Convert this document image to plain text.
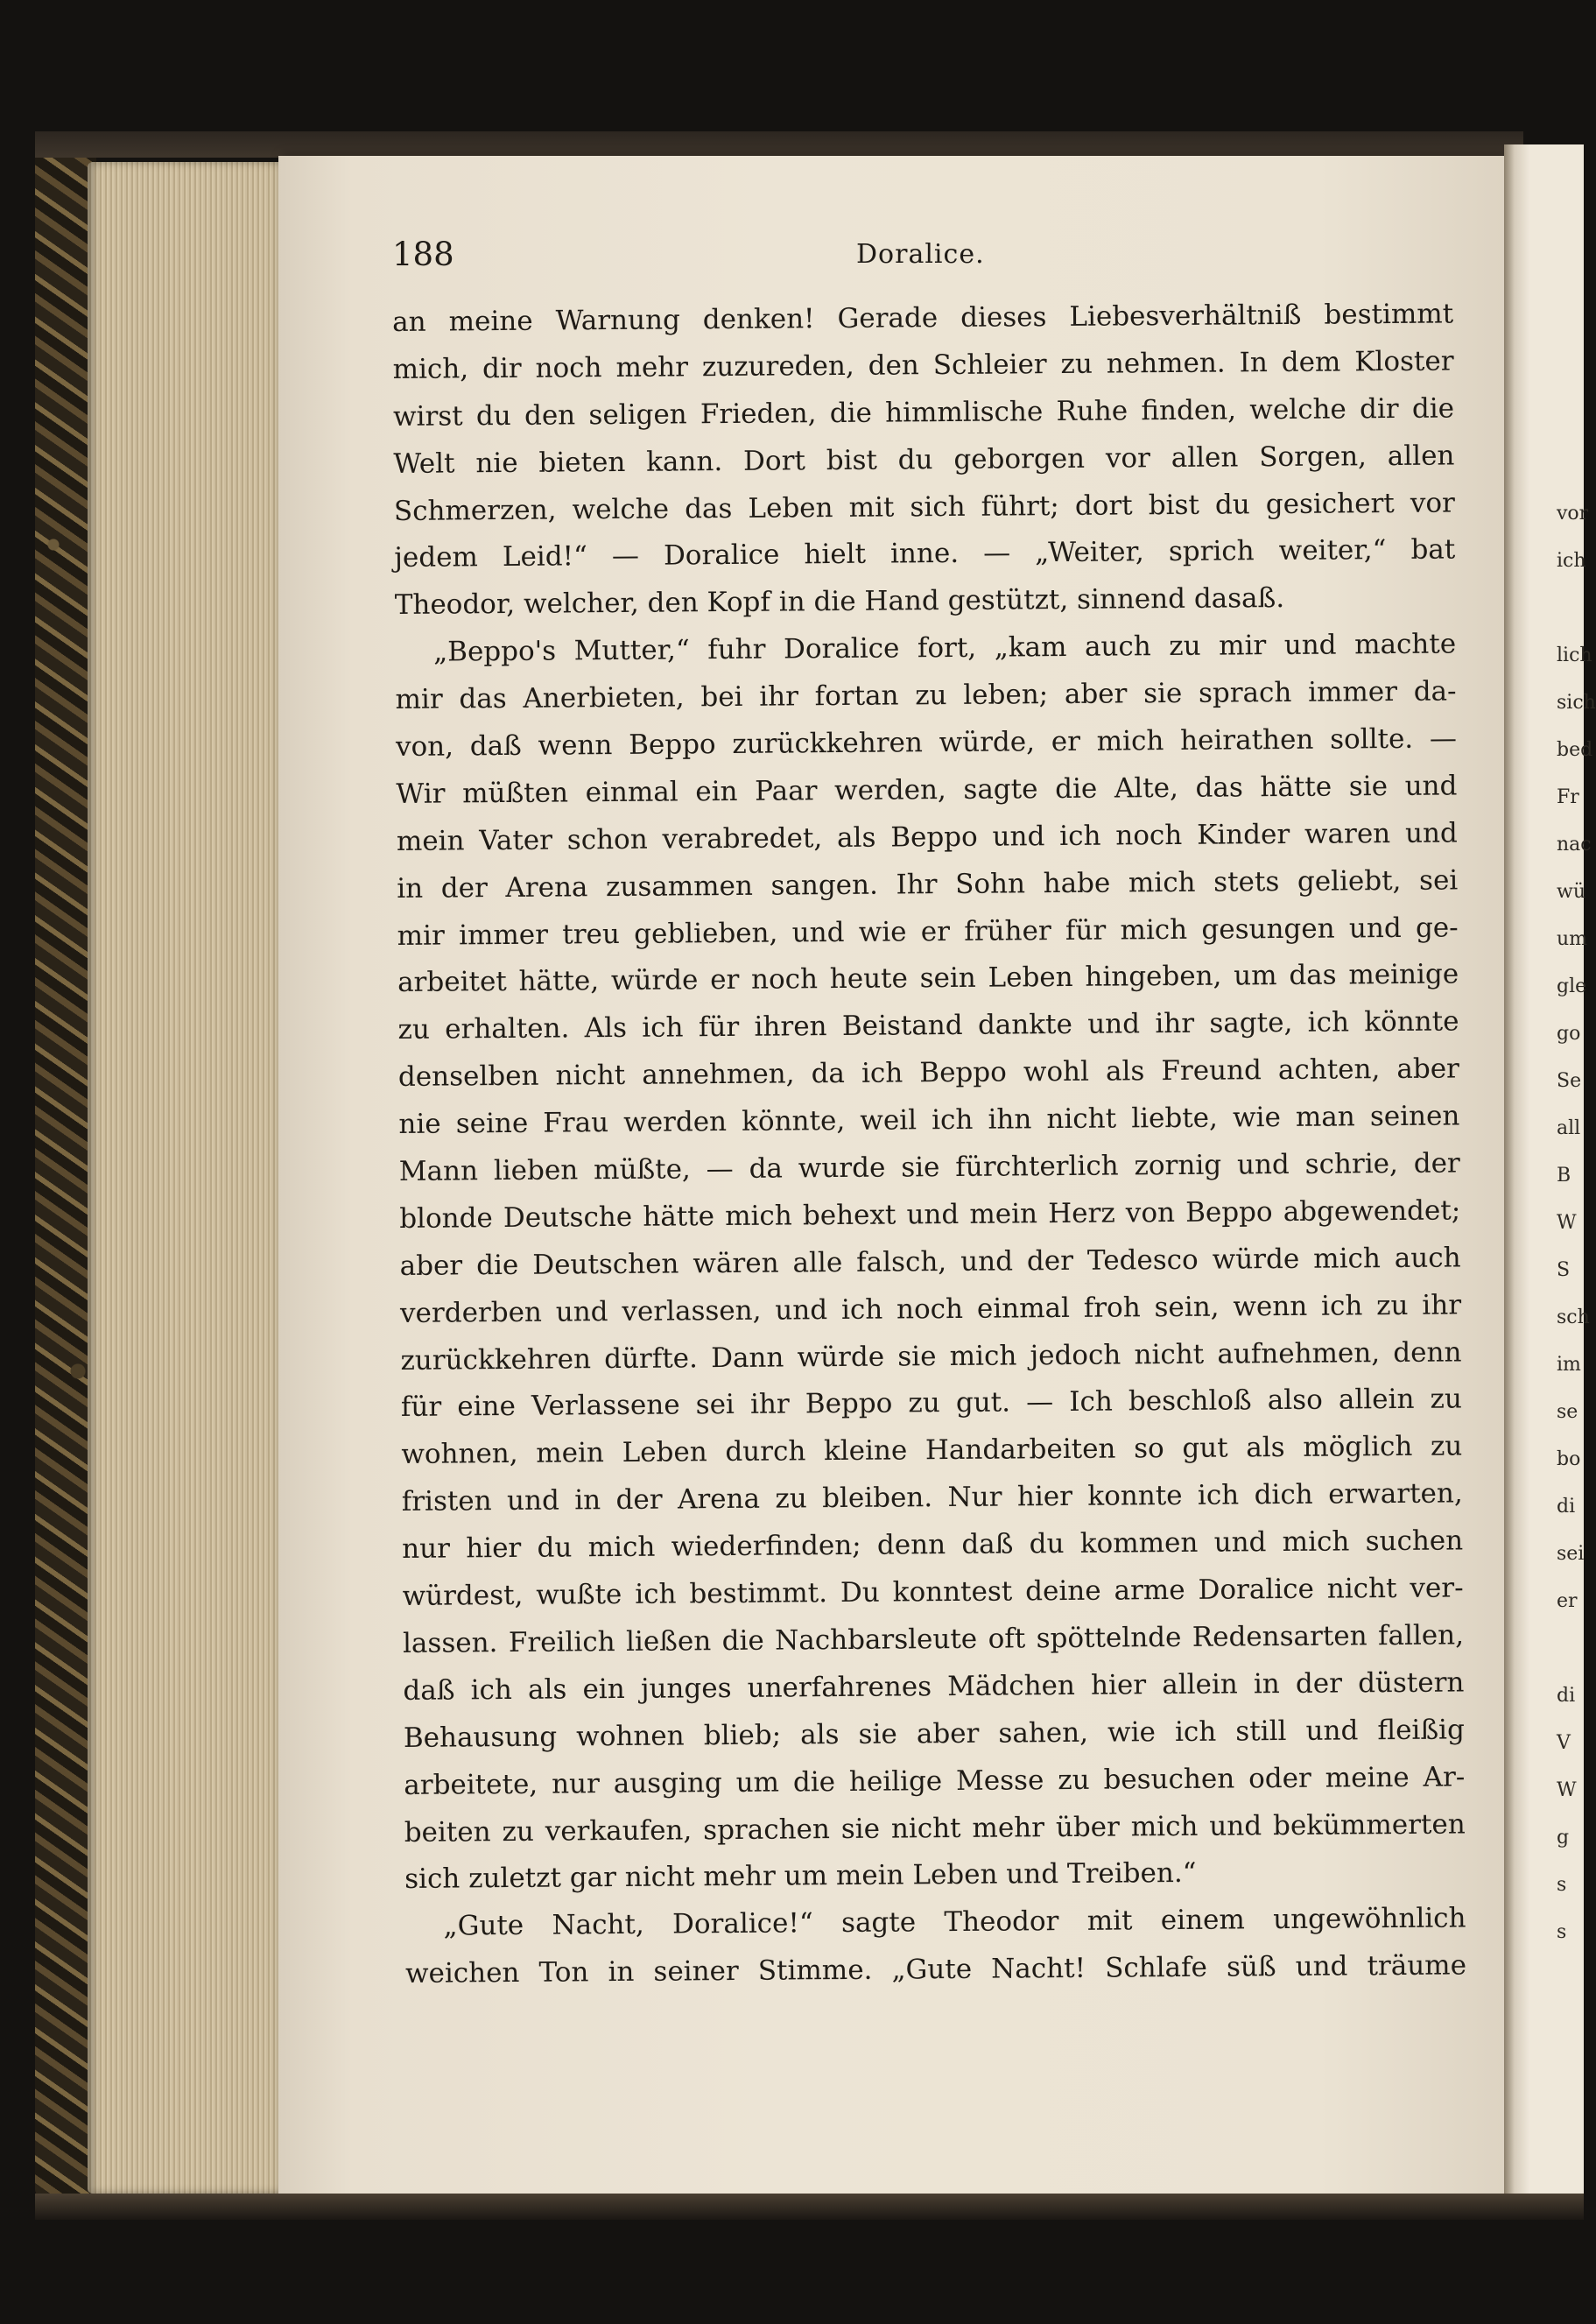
vor
ich
lich
sich
bed
Fr
nac
wü
um
gle
go
Se
all
B
W
S
sch
im
se
bo
di
sei
er
di
V
W
g
s
s
188	Doralice.
an meine Warnung denken! Gerade dieses Liebesverhältniß bestimmt
mich, dir noch mehr zuzureden, den Schleier zu nehmen. In dem Kloster
wirst du den seligen Frieden, die himmlische Ruhe finden, welche dir die
Welt nie bieten kann. Dort bist du geborgen vor allen Sorgen, allen
Schmerzen, welche das Leben mit sich führt; dort bist du gesichert vor
jedem Leid!“ — Doralice hielt inne. — „Weiter, sprich weiter,“ bat
Theodor, welcher, den Kopf in die Hand gestützt, sinnend dasaß.
„Beppo's Mutter,“ fuhr Doralice fort, „kam auch zu mir und machte
mir das Anerbieten, bei ihr fortan zu leben; aber sie sprach immer da-
von, daß wenn Beppo zurückkehren würde, er mich heirathen sollte. —
Wir müßten einmal ein Paar werden, sagte die Alte, das hätte sie und
mein Vater schon verabredet, als Beppo und ich noch Kinder waren und
in der Arena zusammen sangen. Ihr Sohn habe mich stets geliebt, sei
mir immer treu geblieben, und wie er früher für mich gesungen und ge-
arbeitet hätte, würde er noch heute sein Leben hingeben, um das meinige
zu erhalten. Als ich für ihren Beistand dankte und ihr sagte, ich könnte
denselben nicht annehmen, da ich Beppo wohl als Freund achten, aber
nie seine Frau werden könnte, weil ich ihn nicht liebte, wie man seinen
Mann lieben müßte, — da wurde sie fürchterlich zornig und schrie, der
blonde Deutsche hätte mich behext und mein Herz von Beppo abgewendet;
aber die Deutschen wären alle falsch, und der Tedesco würde mich auch
verderben und verlassen, und ich noch einmal froh sein, wenn ich zu ihr
zurückkehren dürfte. Dann würde sie mich jedoch nicht aufnehmen, denn
für eine Verlassene sei ihr Beppo zu gut. — Ich beschloß also allein zu
wohnen, mein Leben durch kleine Handarbeiten so gut als möglich zu
fristen und in der Arena zu bleiben. Nur hier konnte ich dich erwarten,
nur hier du mich wiederfinden; denn daß du kommen und mich suchen
würdest, wußte ich bestimmt. Du konntest deine arme Doralice nicht ver-
lassen. Freilich ließen die Nachbarsleute oft spöttelnde Redensarten fallen,
daß ich als ein junges unerfahrenes Mädchen hier allein in der düstern
Behausung wohnen blieb; als sie aber sahen, wie ich still und fleißig
arbeitete, nur ausging um die heilige Messe zu besuchen oder meine Ar-
beiten zu verkaufen, sprachen sie nicht mehr über mich und bekümmerten
sich zuletzt gar nicht mehr um mein Leben und Treiben.“
„Gute Nacht, Doralice!“ sagte Theodor mit einem ungewöhnlich
weichen Ton in seiner Stimme. „Gute Nacht! Schlafe süß und träume
